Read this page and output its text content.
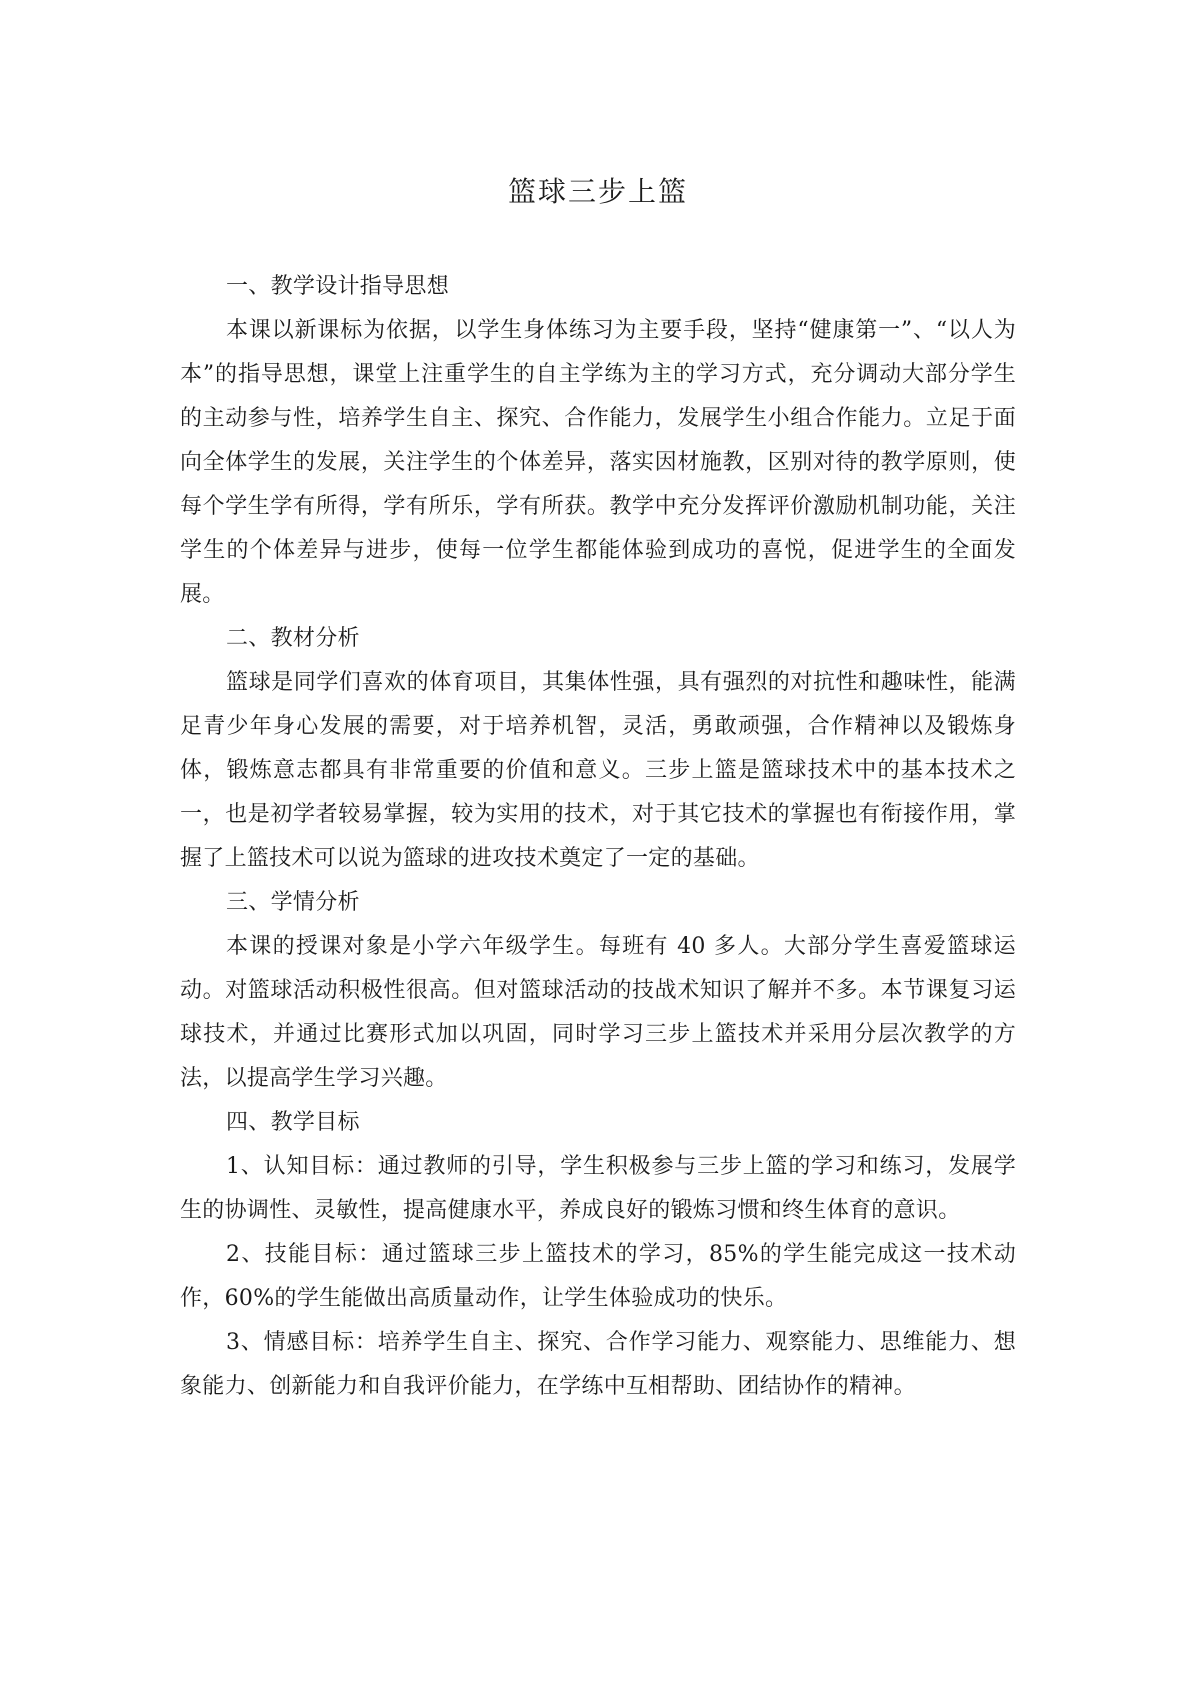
篮球三步上篮

一、教学设计指导思想

本课以新课标为依据，以学生身体练习为主要手段，坚持“健康第一”、“以人为本”的指导思想，课堂上注重学生的自主学练为主的学习方式，充分调动大部分学生的主动参与性，培养学生自主、探究、合作能力，发展学生小组合作能力。立足于面向全体学生的发展，关注学生的个体差异，落实因材施教，区别对待的教学原则，使每个学生学有所得，学有所乐，学有所获。教学中充分发挥评价激励机制功能，关注学生的个体差异与进步，使每一位学生都能体验到成功的喜悦，促进学生的全面发展。

二、教材分析

篮球是同学们喜欢的体育项目，其集体性强，具有强烈的对抗性和趣味性，能满足青少年身心发展的需要，对于培养机智，灵活，勇敢顽强，合作精神以及锻炼身体，锻炼意志都具有非常重要的价值和意义。三步上篮是篮球技术中的基本技术之一，也是初学者较易掌握，较为实用的技术，对于其它技术的掌握也有衔接作用，掌握了上篮技术可以说为篮球的进攻技术奠定了一定的基础。

三、学情分析

本课的授课对象是小学六年级学生。每班有 40 多人。大部分学生喜爱篮球运动。对篮球活动积极性很高。但对篮球活动的技战术知识了解并不多。本节课复习运球技术，并通过比赛形式加以巩固，同时学习三步上篮技术并采用分层次教学的方法，以提高学生学习兴趣。

四、教学目标

1、认知目标：通过教师的引导，学生积极参与三步上篮的学习和练习，发展学生的协调性、灵敏性，提高健康水平，养成良好的锻炼习惯和终生体育的意识。

2、技能目标：通过篮球三步上篮技术的学习，85%的学生能完成这一技术动作，60%的学生能做出高质量动作，让学生体验成功的快乐。

3、情感目标：培养学生自主、探究、合作学习能力、观察能力、思维能力、想象能力、创新能力和自我评价能力，在学练中互相帮助、团结协作的精神。
